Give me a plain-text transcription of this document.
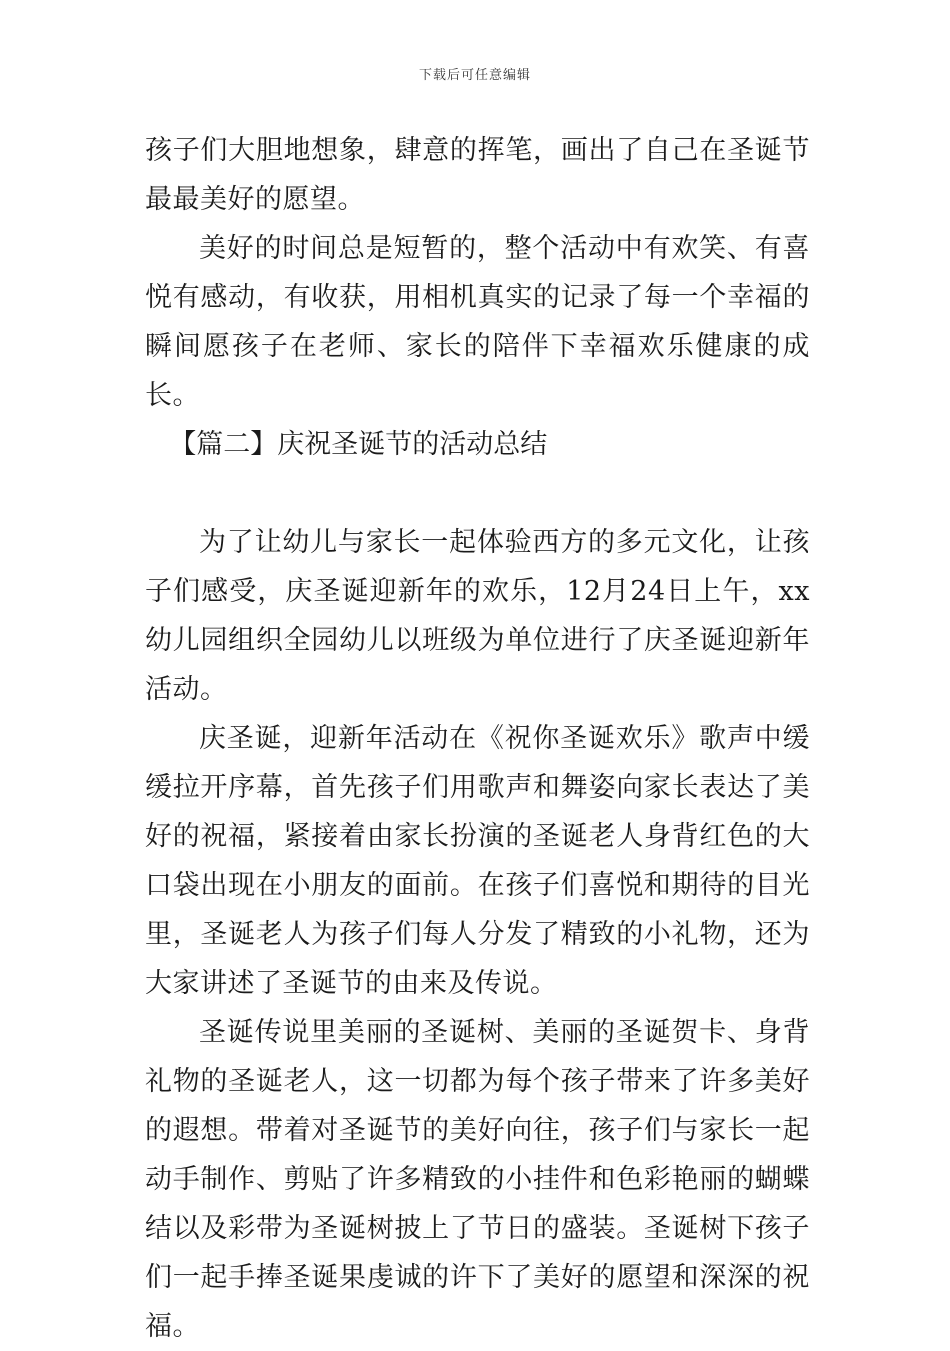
下载后可任意编辑

孩子们大胆地想象，肆意的挥笔，画出了自己在圣诞节最最美好的愿望。

美好的时间总是短暂的，整个活动中有欢笑、有喜悦有感动，有收获，用相机真实的记录了每一个幸福的瞬间愿孩子在老师、家长的陪伴下幸福欢乐健康的成长。

【篇二】庆祝圣诞节的活动总结

为了让幼儿与家长一起体验西方的多元文化，让孩子们感受，庆圣诞迎新年的欢乐，12月24日上午，xx幼儿园组织全园幼儿以班级为单位进行了庆圣诞迎新年活动。

庆圣诞，迎新年活动在《祝你圣诞欢乐》歌声中缓缓拉开序幕，首先孩子们用歌声和舞姿向家长表达了美好的祝福，紧接着由家长扮演的圣诞老人身背红色的大口袋出现在小朋友的面前。在孩子们喜悦和期待的目光里，圣诞老人为孩子们每人分发了精致的小礼物，还为大家讲述了圣诞节的由来及传说。

圣诞传说里美丽的圣诞树、美丽的圣诞贺卡、身背礼物的圣诞老人，这一切都为每个孩子带来了许多美好的遐想。带着对圣诞节的美好向往，孩子们与家长一起动手制作、剪贴了许多精致的小挂件和色彩艳丽的蝴蝶结以及彩带为圣诞树披上了节日的盛装。圣诞树下孩子们一起手捧圣诞果虔诚的许下了美好的愿望和深深的祝福。
